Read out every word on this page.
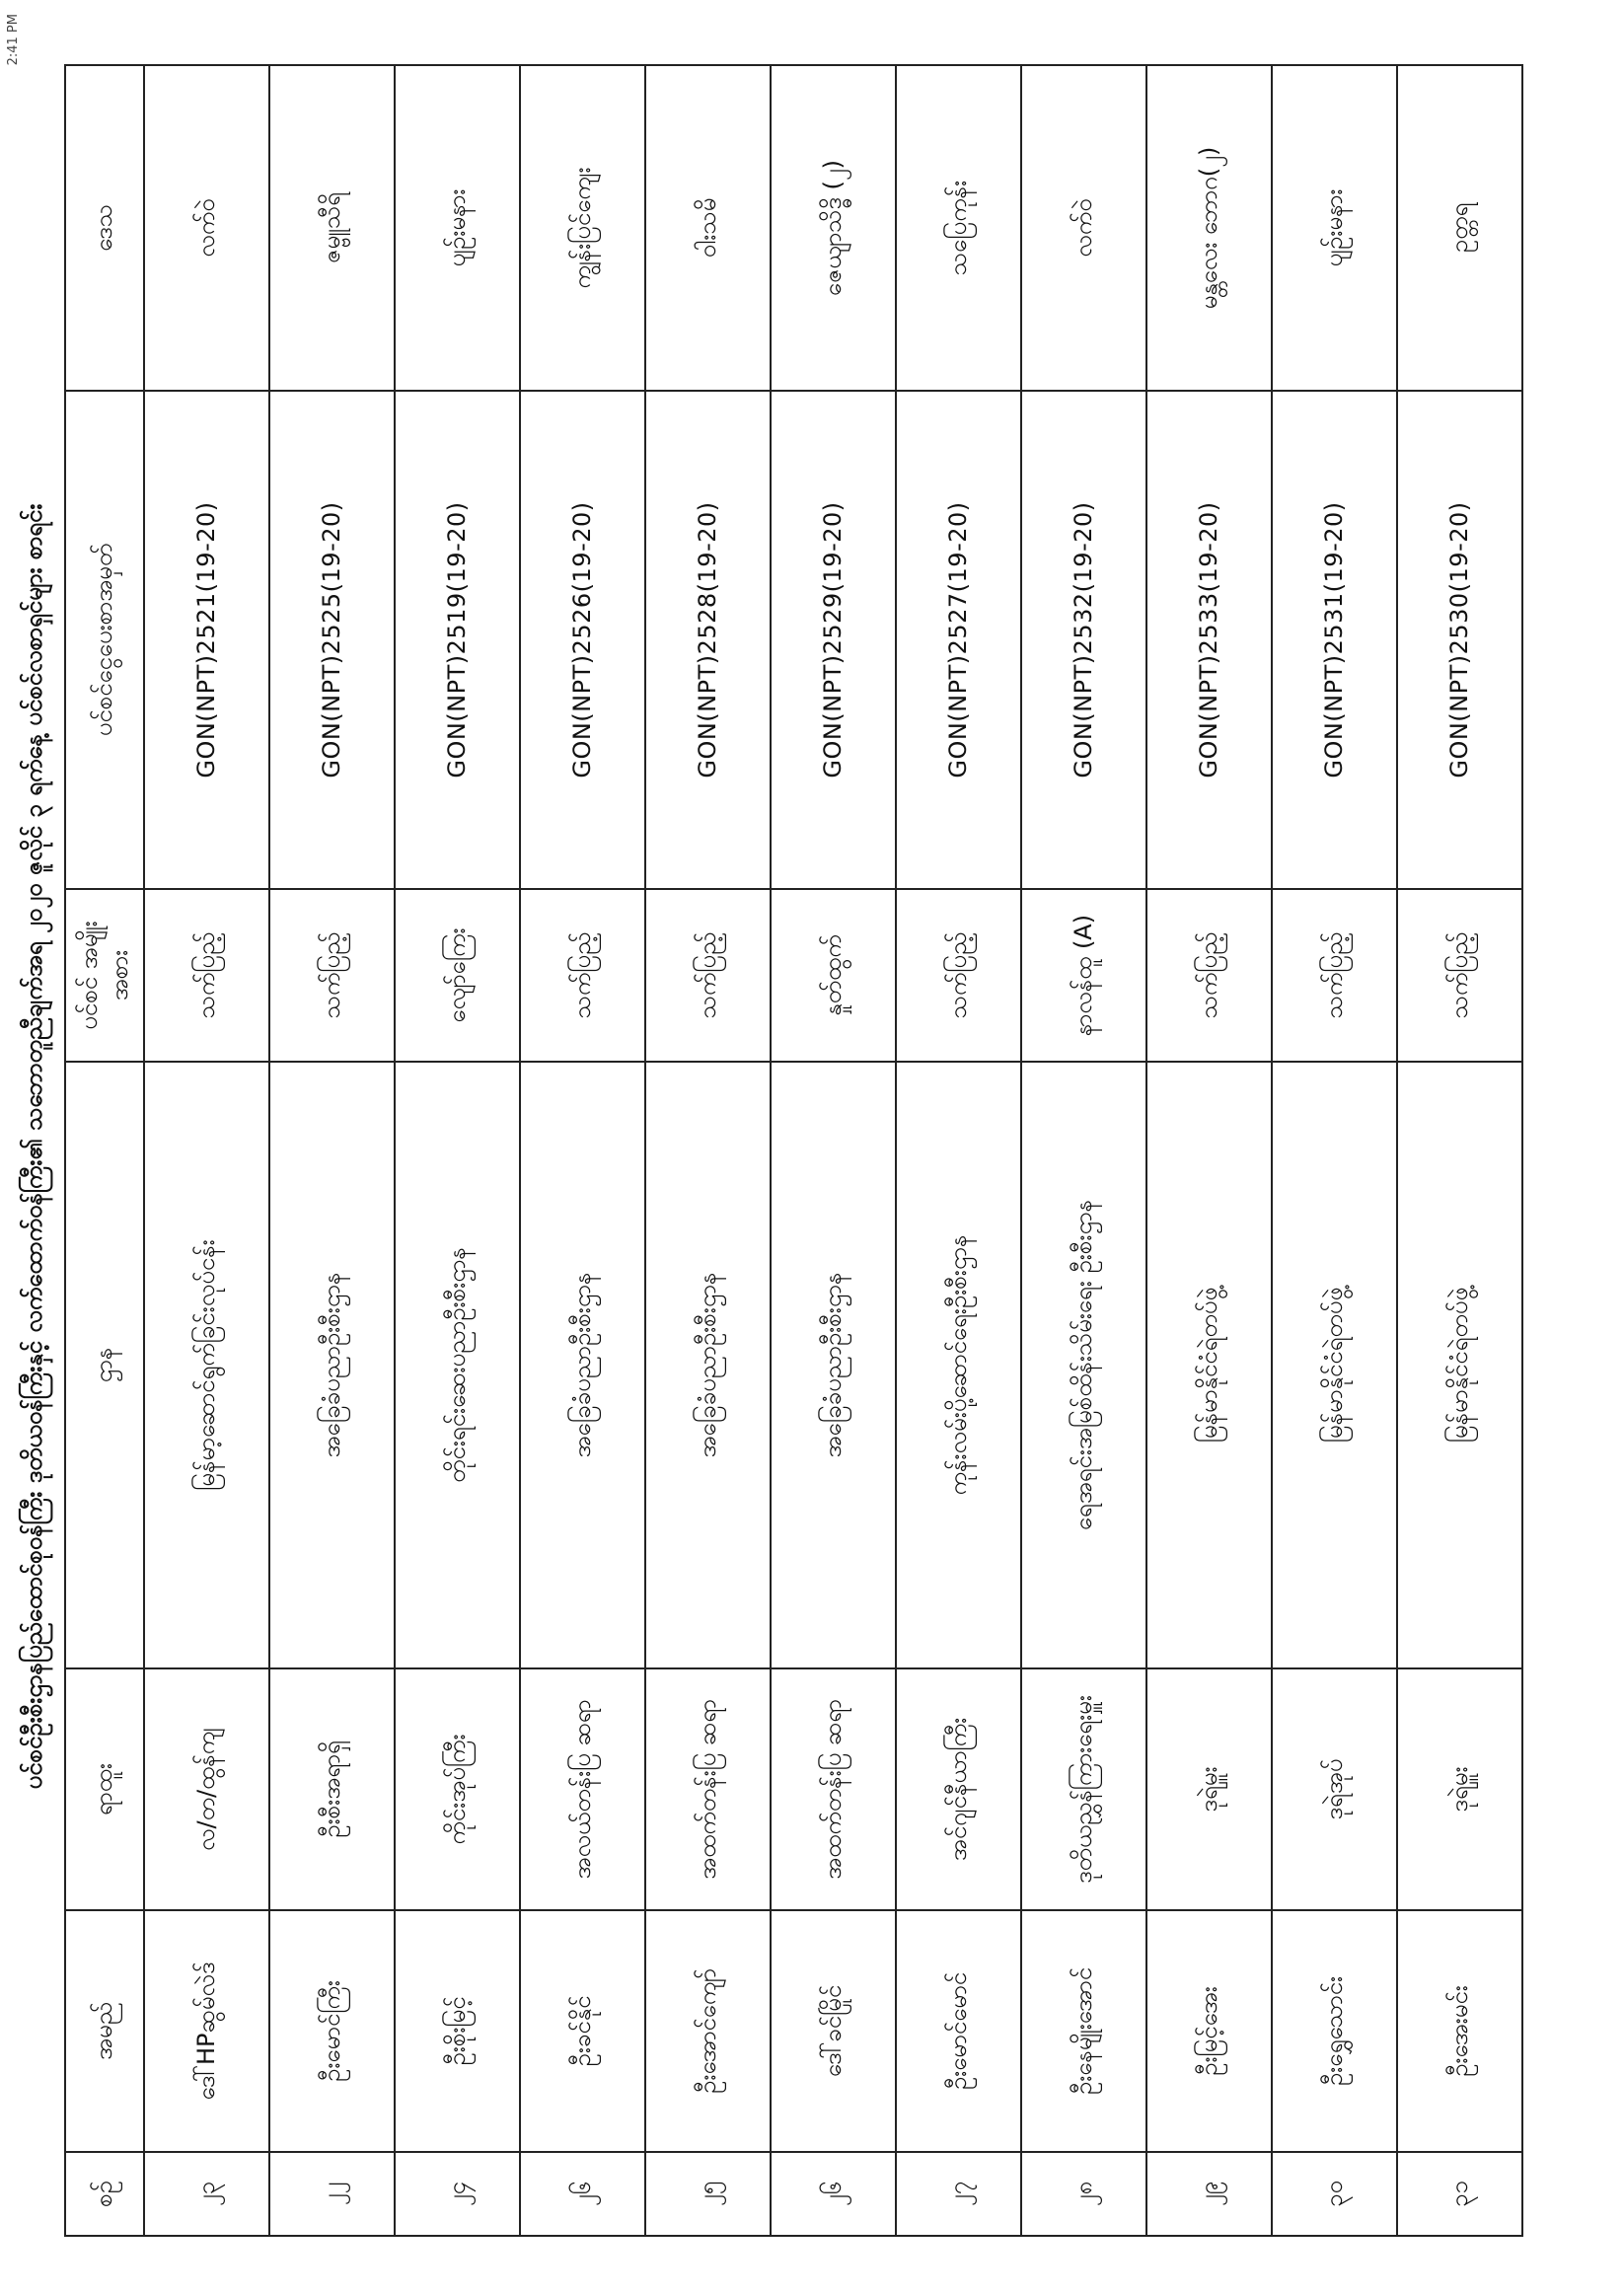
ပင်စင်ဦးစီးဌာနပြည်ထောင်စုဝန်ကြီး ဒုတိယဝန်ကြီးနှင့် လက်ထောက်ဝန်ကြီး၏ သဘောတူညီချက်အရ ၂၀၂၀ ဇူလိုင် ၃ ရက်နေ့ ပင်စင်လစာရှင်များ စာရင်း
2:41 PM
စဉ်	အမည်	ရာထူး	ဌာန	ပင်စင် အမျိုးအစား	ပင်စင်ငွေပေးစာအမှတ်	ဒေသ
၂၃	ဒေါ်HPဆွမ်လဲဒ်	လ/တ/ထွန်ကျ	မြန်မာ့ဆောင်ရွက်ခြင်းလုပ်ငန်း	သက်ပြည့်	GON(NPT)2521(19-20)	လက်ဝဲ
၂၂	ဦးမောင်ကြီး	ဦးစီးအရာရှိ	အခြေခံပညာဦးစီးဌာန	သက်ပြည့်	GON(NPT)2525(19-20)	ဇမ္ဗူသီရိ
၂၄	ဦးစိုးမြင့်	ကိုင်းအုပ်ကြီး	တိုင်းရင်းဆေးပညာဦးစီးဌာန	လျော်ကြေး	GON(NPT)2519(19-20)	ပျဉ်းမနား
၂၆	ဦးခင်နိုင်	အလယ်တန်းပြ ဆရာ	အခြေခံပညာဦးစီးဌာန	သက်ပြည့်	GON(NPT)2526(19-20)	ကျွန်းပြင်ကျေး
၂၅	ဦးအောင်ကျော်	အထက်တန်းပြ ဆရာ	အခြေခံပညာဦးစီးဌာန	သက်ပြည့်	GON(NPT)2528(19-20)	ဝါးသမိ
၂၆	ဒေါ်ခင်မြိုင်	အထက်တန်းပြ ဆရာ	အခြေခံပညာဦးစီးဌာန	နှုတ်ထွက်	GON(NPT)2529(19-20)	ဇေယျာသိဒ္ဓိ (၂)
၂၇	ဦးမောင်မောင်	အင်ဂျင်နီယာကြီး	ကုန်းလမ်းပို့ဆောင်ရေးဦးစီးဌာန	သက်ပြည့်	GON(NPT)2527(19-20)	သပြေကုန်း
၂၈	ဦးနေမျိုးအောင်	ဒုတိယညွှန်ကြားရေးမှူး	ရေအရင်းအမြစ်ထိန်းသိမ်းရေး ဦးစီးဌာန	နာလန်ထူ (A)	GON(NPT)2532(19-20)	လက်ဝဲ
၂၉	ဦးမြင့်အေး	ဒုရဲမှူး	မြန်မာနိုင်ငံရဲတပ်ဖွဲ့	သက်ပြည့်	GON(NPT)2533(19-20)	မန္တလေး ဘောဂ(၂)
၃၀	ဦးရွှေသောင်း	ဒုရဲအုပ်	မြန်မာနိုင်ငံရဲတပ်ဖွဲ့	သက်ပြည့်	GON(NPT)2531(19-20)	ပျဉ်းမနား
၃၁	ဦးအေးမင်း	ဒုရဲမှူး	မြန်မာနိုင်ငံရဲတပ်ဖွဲ့	သက်ပြည့်	GON(NPT)2530(19-20)	ဥတ္တရ
